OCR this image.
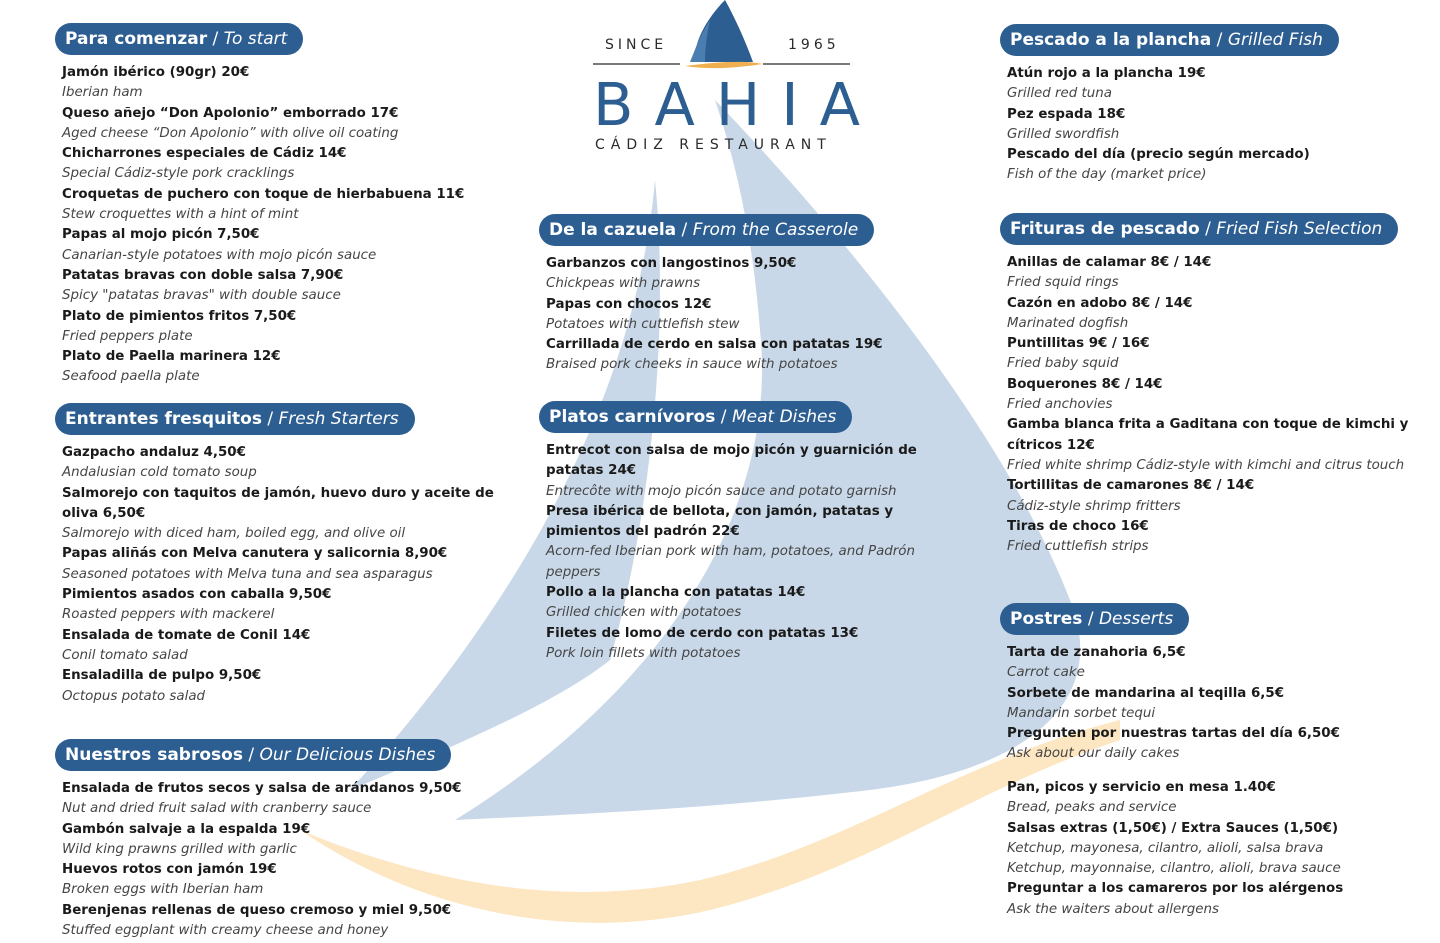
SINCE	1965
BAHIA
CÁDIZ RESTAURANT
Para comenzar / To start
Jamón ibérico (90gr) 20€
Iberian ham
Queso añejo “Don Apolonio” emborrado 17€
Aged cheese “Don Apolonio” with olive oil coating
Chicharrones especiales de Cádiz 14€
Special Cádiz-style pork cracklings
Croquetas de puchero con toque de hierbabuena 11€
Stew croquettes with a hint of mint
Papas al mojo picón 7,50€
Canarian-style potatoes with mojo picón sauce
Patatas bravas con doble salsa 7,90€
Spicy "patatas bravas" with double sauce
Plato de pimientos fritos 7,50€
Fried peppers plate
Plato de Paella marinera 12€
Seafood paella plate
Entrantes fresquitos / Fresh Starters
Gazpacho andaluz 4,50€
Andalusian cold tomato soup
Salmorejo con taquitos de jamón, huevo duro y aceite de oliva 6,50€
Salmorejo with diced ham, boiled egg, and olive oil
Papas aliñás con Melva canutera y salicornia 8,90€
Seasoned potatoes with Melva tuna and sea asparagus
Pimientos asados con caballa 9,50€
Roasted peppers with mackerel
Ensalada de tomate de Conil 14€
Conil tomato salad
Ensaladilla de pulpo 9,50€
Octopus potato salad
Nuestros sabrosos / Our Delicious Dishes
Ensalada de frutos secos y salsa de arándanos 9,50€
Nut and dried fruit salad with cranberry sauce
Gambón salvaje a la espalda 19€
Wild king prawns grilled with garlic
Huevos rotos con jamón 19€
Broken eggs with Iberian ham
Berenjenas rellenas de queso cremoso y miel 9,50€
Stuffed eggplant with creamy cheese and honey
De la cazuela / From the Casserole
Garbanzos con langostinos 9,50€
Chickpeas with prawns
Papas con chocos 12€
Potatoes with cuttlefish stew
Carrillada de cerdo en salsa con patatas 19€
Braised pork cheeks in sauce with potatoes
Platos carnívoros / Meat Dishes
Entrecot con salsa de mojo picón y guarnición de patatas 24€
Entrecôte with mojo picón sauce and potato garnish
Presa ibérica de bellota, con jamón, patatas y pimientos del padrón 22€
Acorn-fed Iberian pork with ham, potatoes, and Padrón peppers
Pollo a la plancha con patatas 14€
Grilled chicken with potatoes
Filetes de lomo de cerdo con patatas 13€
Pork loin fillets with potatoes
Pescado a la plancha / Grilled Fish
Atún rojo a la plancha 19€
Grilled red tuna
Pez espada 18€
Grilled swordfish
Pescado del día (precio según mercado)
Fish of the day (market price)
Frituras de pescado / Fried Fish Selection
Anillas de calamar 8€ / 14€
Fried squid rings
Cazón en adobo 8€ / 14€
Marinated dogfish
Puntillitas 9€ / 16€
Fried baby squid
Boquerones 8€ / 14€
Fried anchovies
Gamba blanca frita a Gaditana con toque de kimchi y cítricos 12€
Fried white shrimp Cádiz-style with kimchi and citrus touch
Tortillitas de camarones 8€ / 14€
Cádiz-style shrimp fritters
Tiras de choco 16€
Fried cuttlefish strips
Postres / Desserts
Tarta de zanahoria 6,5€
Carrot cake
Sorbete de mandarina al teqilla 6,5€
Mandarin sorbet tequi
Pregunten por nuestras tartas del día 6,50€
Ask about our daily cakes
Pan, picos y servicio en mesa 1.40€
Bread, peaks and service
Salsas extras (1,50€) / Extra Sauces (1,50€)
Ketchup, mayonesa, cilantro, alioli, salsa brava
Ketchup, mayonnaise, cilantro, alioli, brava sauce
Preguntar a los camareros por los alérgenos
Ask the waiters about allergens
